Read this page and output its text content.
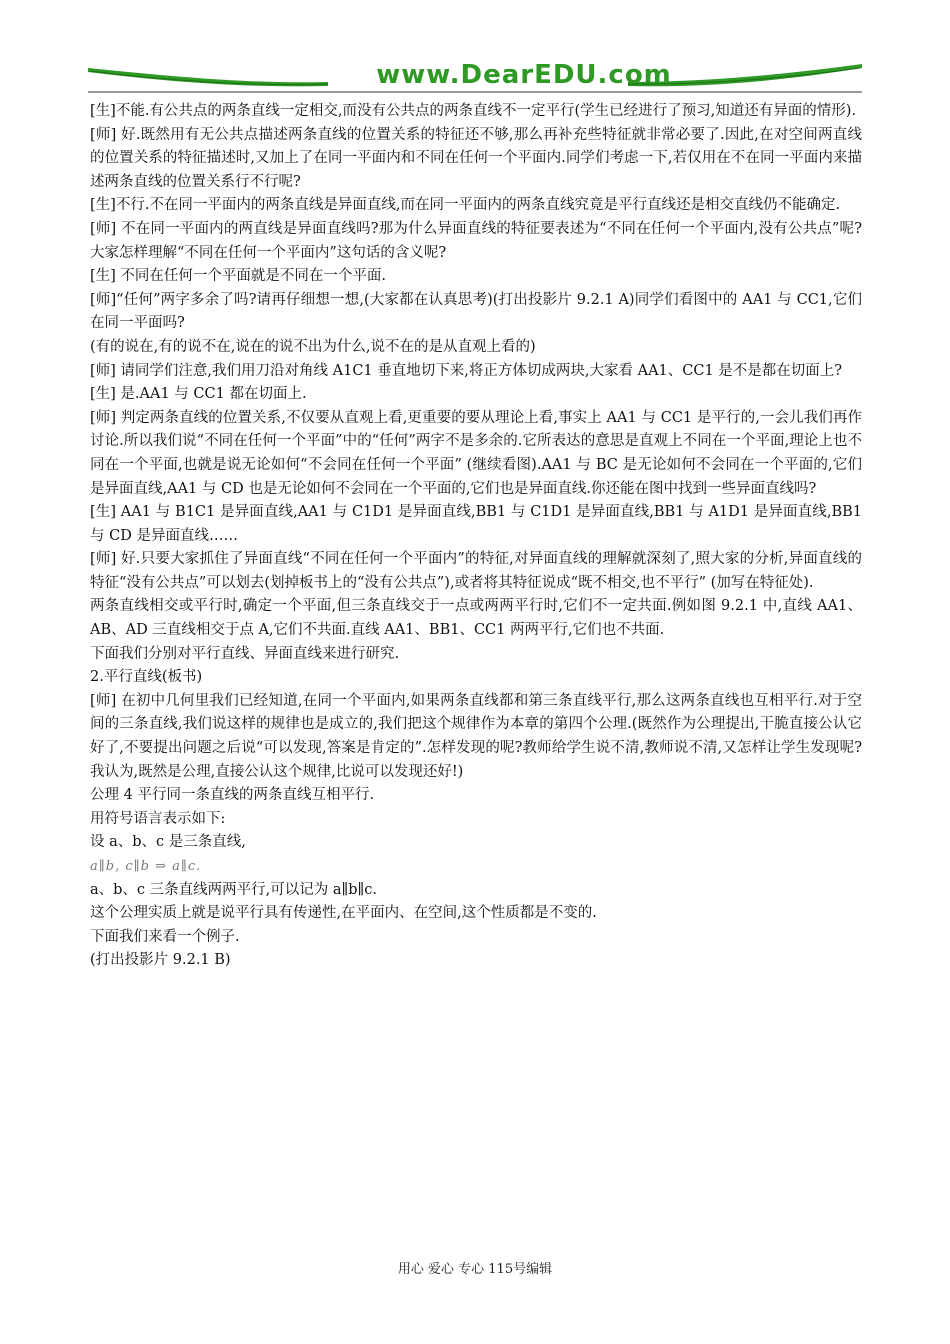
www.DearEDU.com

[生]不能.有公共点的两条直线一定相交,而没有公共点的两条直线不一定平行(学生已经进行了预习,知道还有异面的情形).

[师] 好.既然用有无公共点描述两条直线的位置关系的特征还不够,那么再补充些特征就非常必要了.因此,在对空间两直线的位置关系的特征描述时,又加上了在同一平面内和不同在任何一个平面内.同学们考虑一下,若仅用在不在同一平面内来描述两条直线的位置关系行不行呢?

[生]不行.不在同一平面内的两条直线是异面直线,而在同一平面内的两条直线究竟是平行直线还是相交直线仍不能确定.

[师] 不在同一平面内的两直线是异面直线吗?那为什么异面直线的特征要表述为“不同在任何一个平面内,没有公共点”呢?大家怎样理解“不同在任何一个平面内”这句话的含义呢?

[生] 不同在任何一个平面就是不同在一个平面.

[师]“任何”两字多余了吗?请再仔细想一想,(大家都在认真思考)(打出投影片 9.2.1 A)同学们看图中的 AA1 与 CC1,它们在同一平面吗?

(有的说在,有的说不在,说在的说不出为什么,说不在的是从直观上看的)

[师] 请同学们注意,我们用刀沿对角线 A1C1 垂直地切下来,将正方体切成两块,大家看 AA1、CC1 是不是都在切面上?

[生] 是.AA1 与 CC1 都在切面上.

[师] 判定两条直线的位置关系,不仅要从直观上看,更重要的要从理论上看,事实上 AA1 与 CC1 是平行的,一会儿我们再作讨论.所以我们说“不同在任何一个平面”中的“任何”两字不是多余的.它所表达的意思是直观上不同在一个平面,理论上也不同在一个平面,也就是说无论如何“不会同在任何一个平面” (继续看图).AA1 与 BC 是无论如何不会同在一个平面的,它们是异面直线,AA1 与 CD 也是无论如何不会同在一个平面的,它们也是异面直线.你还能在图中找到一些异面直线吗?

[生] AA1 与 B1C1 是异面直线,AA1 与 C1D1 是异面直线,BB1 与 C1D1 是异面直线,BB1 与 A1D1 是异面直线,BB1 与 CD 是异面直线……

[师] 好.只要大家抓住了异面直线“不同在任何一个平面内”的特征,对异面直线的理解就深刻了,照大家的分析,异面直线的特征“没有公共点”可以划去(划掉板书上的“没有公共点”),或者将其特征说成“既不相交,也不平行” (加写在特征处).

两条直线相交或平行时,确定一个平面,但三条直线交于一点或两两平行时,它们不一定共面.例如图 9.2.1 中,直线 AA1、AB、AD 三直线相交于点 A,它们不共面.直线 AA1、BB1、CC1 两两平行,它们也不共面.

下面我们分别对平行直线、异面直线来进行研究.

2.平行直线(板书)

[师] 在初中几何里我们已经知道,在同一个平面内,如果两条直线都和第三条直线平行,那么这两条直线也互相平行.对于空间的三条直线,我们说这样的规律也是成立的,我们把这个规律作为本章的第四个公理.(既然作为公理提出,干脆直接公认它好了,不要提出问题之后说“可以发现,答案是肯定的”.怎样发现的呢?教师给学生说不清,教师说不清,又怎样让学生发现呢?我认为,既然是公理,直接公认这个规律,比说可以发现还好!)

公理 4 平行同一条直线的两条直线互相平行.

用符号语言表示如下:

设 a、b、c 是三条直线,

a∥b, c∥b ⇒ a∥c.

a、b、c 三条直线两两平行,可以记为 a∥b∥c.

这个公理实质上就是说平行具有传递性,在平面内、在空间,这个性质都是不变的.

下面我们来看一个例子.

(打出投影片 9.2.1 B)

用心 爱心 专心 115号编辑
